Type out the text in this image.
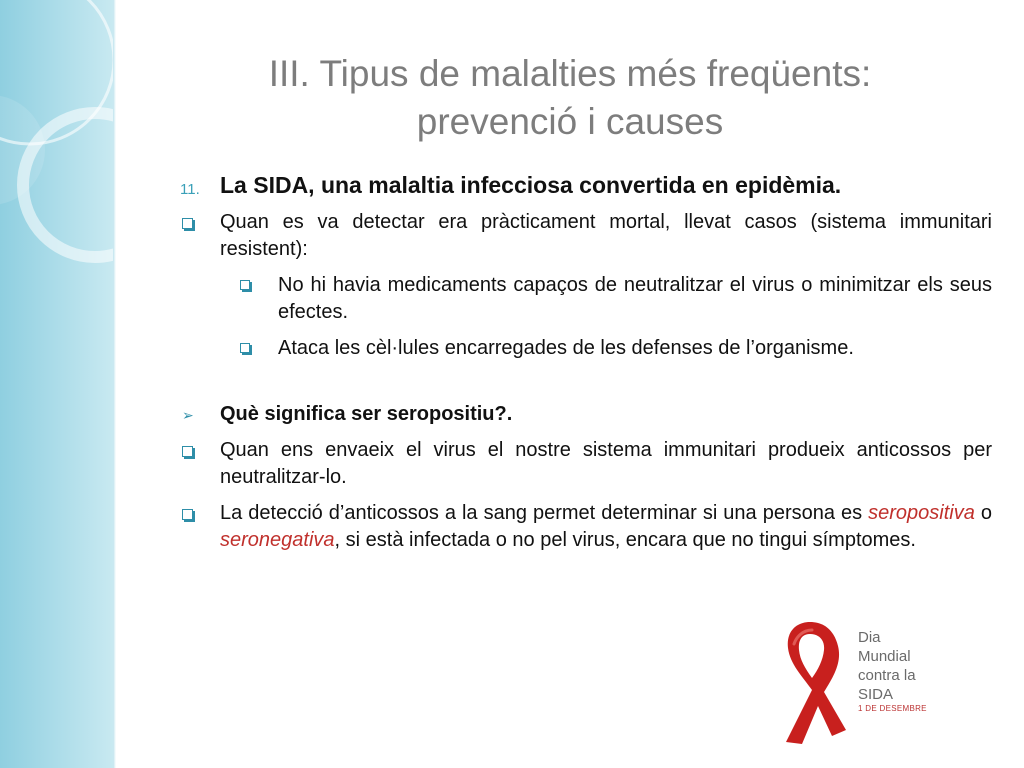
III. Tipus de malalties més freqüents:
prevenció i causes
11. La SIDA, una malaltia infecciosa convertida en epidèmia.
Quan es va detectar era pràcticament mortal, llevat casos (sistema immunitari resistent):
No hi havia medicaments capaços de neutralitzar el virus o minimitzar els seus efectes.
Ataca les cèl·lules encarregades de les defenses de l’organisme.
➢ Què significa ser seropositiu?.
Quan ens envaeix el virus el nostre sistema immunitari produeix anticossos per neutralitzar-lo.
La detecció d’anticossos a la sang permet determinar si una persona es seropositiva o seronegativa, si està infectada o no pel virus, encara que no tingui símptomes.
Dia
Mundial
contra la
SIDA
1 DE DESEMBRE
